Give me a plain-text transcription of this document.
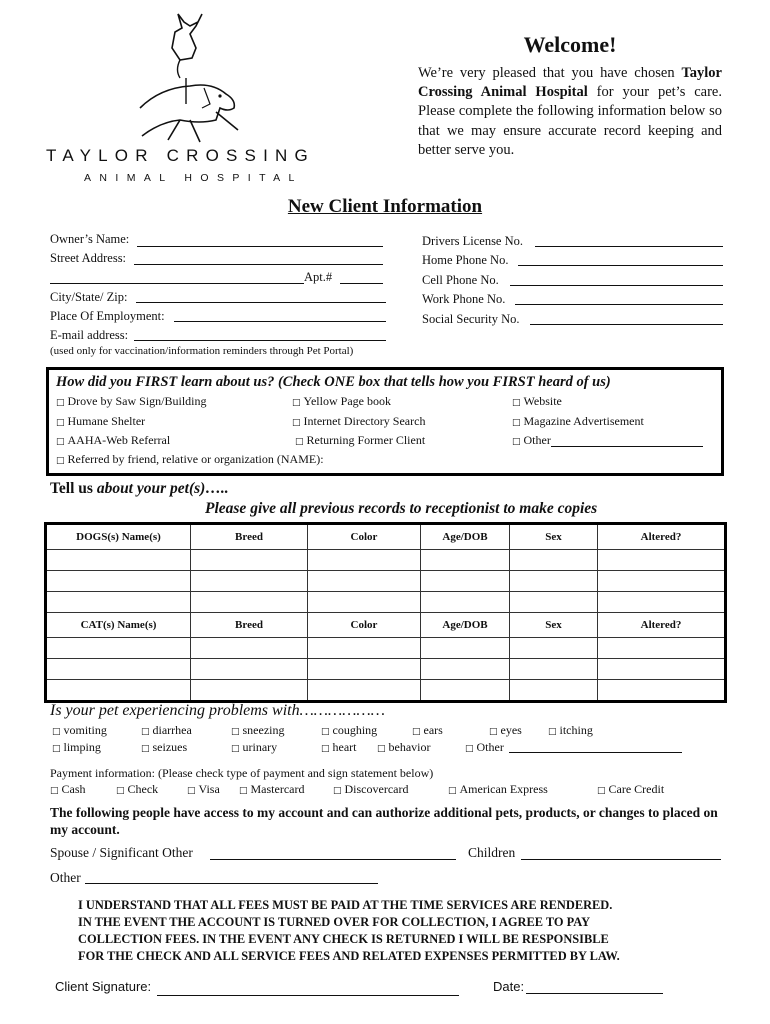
TAYLOR CROSSING
ANIMAL HOSPITAL
Welcome!
We’re very pleased that you have chosen Taylor Crossing Animal Hospital for your pet’s care. Please complete the following information below so that we may ensure accurate record keeping and better serve you.
New Client Information
Owner’s Name:
Street Address:
Apt.#
City/State/ Zip:
Place Of Employment:
E-mail address:
(used only for vaccination/information reminders through Pet Portal)
Drivers License No.
Home Phone No.
Cell Phone No.
Work Phone No.
Social Security No.
How did you FIRST learn about us? (Check ONE box that tells how you FIRST heard of us)
□ Drove by Saw Sign/Building	□ Yellow Page book	□ Website
□ Humane Shelter	□ Internet Directory Search	□ Magazine Advertisement
□ AAHA-Web Referral	□ Returning Former Client	□ Other
□ Referred by friend, relative or organization (NAME):
Tell us about your pet(s)…..
Please give all previous records to receptionist to make copies
DOGS(s) Name(s)	Breed	Color	Age/DOB	Sex	Altered?

CAT(s) Name(s)	Breed	Color	Age/DOB	Sex	Altered?

Is your pet experiencing problems with………………
□ vomiting	□ diarrhea	□ sneezing	□ coughing	□ ears	□ eyes	□ itching
□ limping	□ seizues	□ urinary	□ heart □ behavior	□ Other
Payment information: (Please check type of payment and sign statement below)
□ Cash	□ Check	□ Visa □ Mastercard	□ Discovercard	□ American Express	□ Care Credit
The following people have access to my account and can authorize additional pets, products, or changes to placed on my account.
Spouse / Significant Other	Children
Other
I UNDERSTAND THAT ALL FEES MUST BE PAID AT THE TIME SERVICES ARE RENDERED.
IN THE EVENT THE ACCOUNT IS TURNED OVER FOR COLLECTION, I AGREE TO PAY
COLLECTION FEES. IN THE EVENT ANY CHECK IS RETURNED I WILL BE RESPONSIBLE
FOR THE CHECK AND ALL SERVICE FEES AND RELATED EXPENSES PERMITTED BY LAW.
Client Signature:	Date:
